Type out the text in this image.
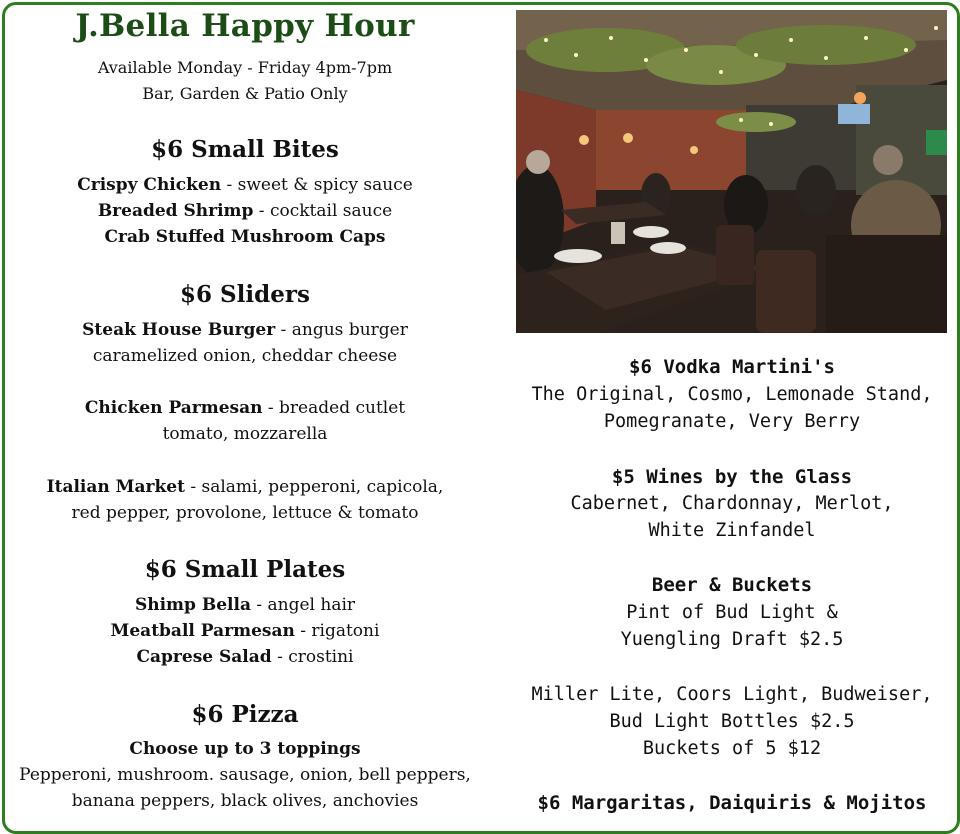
J.Bella Happy Hour
Available Monday - Friday 4pm-7pm
Bar, Garden & Patio Only
$6 Small Bites
Crispy Chicken - sweet & spicy sauce
Breaded Shrimp - cocktail sauce
Crab Stuffed Mushroom Caps
$6 Sliders
Steak House Burger - angus burger
caramelized onion, cheddar cheese
Chicken Parmesan - breaded cutlet
tomato, mozzarella
Italian Market - salami, pepperoni, capicola,
red pepper, provolone, lettuce & tomato
$6 Small Plates
Shimp Bella - angel hair
Meatball Parmesan - rigatoni
Caprese Salad - crostini
$6 Pizza
Choose up to 3 toppings
Pepperoni, mushroom. sausage, onion, bell peppers,
banana peppers, black olives, anchovies
$6 Vodka Martini's
The Original, Cosmo, Lemonade Stand,
Pomegranate, Very Berry
$5 Wines by the Glass
Cabernet, Chardonnay, Merlot,
White Zinfandel
Beer & Buckets
Pint of Bud Light &
Yuengling Draft $2.5
Miller Lite, Coors Light, Budweiser,
Bud Light Bottles $2.5
Buckets of 5 $12
$6 Margaritas, Daiquiris & Mojitos
